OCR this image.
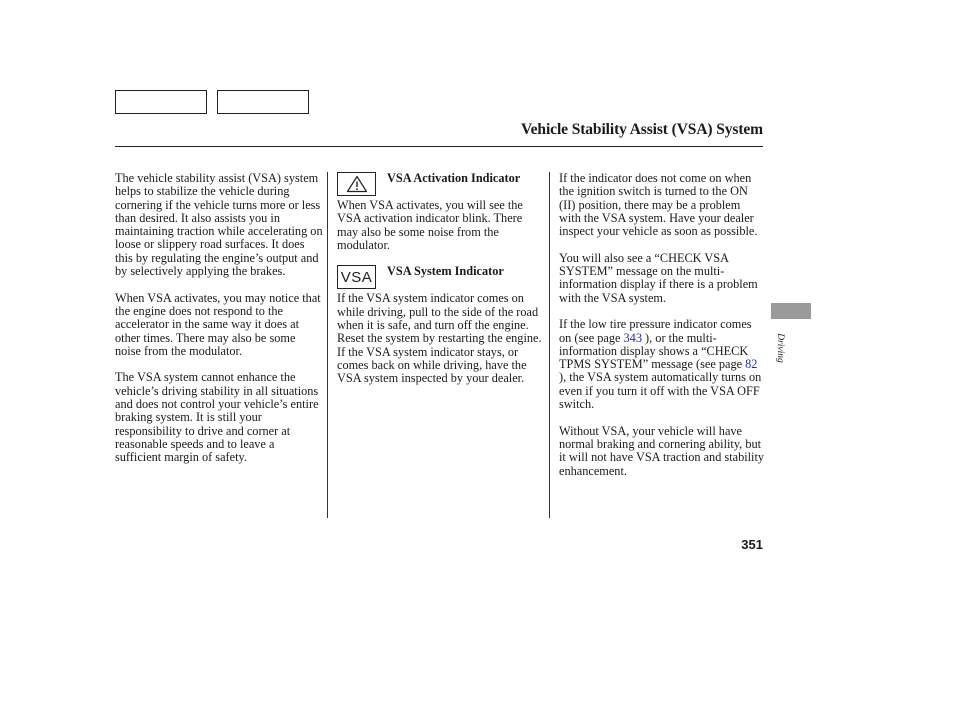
Vehicle Stability Assist (VSA) System

The vehicle stability assist (VSA) system helps to stabilize the vehicle during cornering if the vehicle turns more or less than desired. It also assists you in maintaining traction while accelerating on loose or slippery road surfaces. It does this by regulating the engine’s output and by selectively applying the brakes.

When VSA activates, you may notice that the engine does not respond to the accelerator in the same way it does at other times. There may also be some noise from the modulator.

The VSA system cannot enhance the vehicle’s driving stability in all situations and does not control your vehicle’s entire braking system. It is still your responsibility to drive and corner at reasonable speeds and to leave a sufficient margin of safety.

VSA Activation Indicator

When VSA activates, you will see the VSA activation indicator blink. There may also be some noise from the modulator.

VSA VSA System Indicator

If the VSA system indicator comes on while driving, pull to the side of the road when it is safe, and turn off the engine. Reset the system by restarting the engine. If the VSA system indicator stays, or comes back on while driving, have the VSA system inspected by your dealer.

If the indicator does not come on when the ignition switch is turned to the ON (II) position, there may be a problem with the VSA system. Have your dealer inspect your vehicle as soon as possible.

You will also see a “CHECK VSA SYSTEM” message on the multi-information display if there is a problem with the VSA system.

If the low tire pressure indicator comes on (see page 343 ), or the multi-information display shows a “CHECK TPMS SYSTEM” message (see page 82 ), the VSA system automatically turns on even if you turn it off with the VSA OFF switch.

Without VSA, your vehicle will have normal braking and cornering ability, but it will not have VSA traction and stability enhancement.

Driving
351
